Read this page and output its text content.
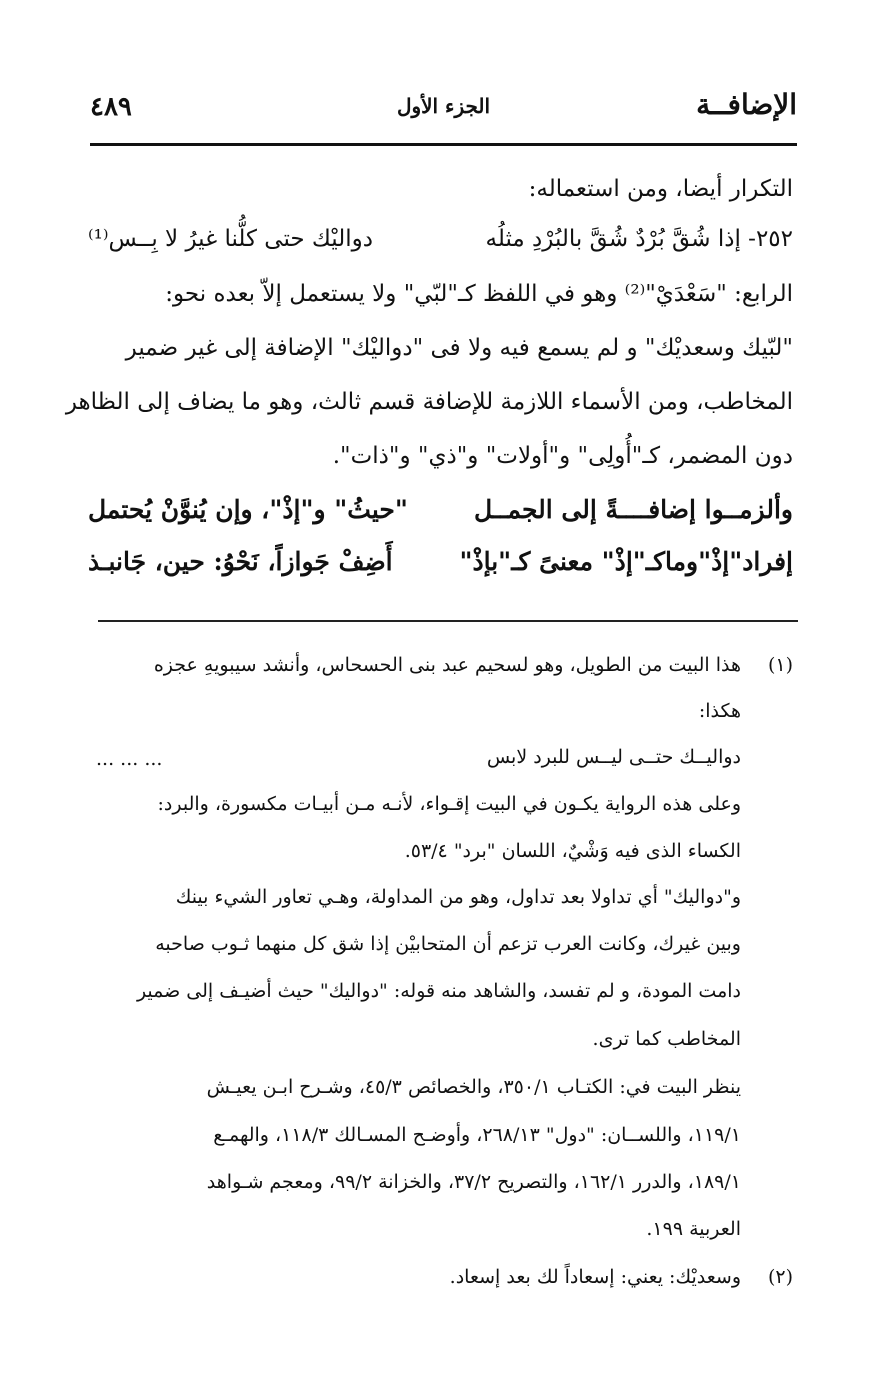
الإضافــة
الجزء الأول
٤٨٩
التكرار أيضا، ومن استعماله:
٢٥٢- إذا شُقَّ بُرْدٌ شُقَّ بالبُرْدِ مثلُه
دواليْك حتى كلُّنا غيرُ لا بِــس⁽¹⁾
الرابع: "سَعْدَيْ"⁽²⁾ وهو في اللفظ كـ"لبّي" ولا يستعمل إلاّ بعده نحو:
"لبّيك وسعديْك" و لم يسمع فيه ولا فى "دواليْك" الإضافة إلى غير ضمير
المخاطب، ومن الأسماء اللازمة للإضافة قسم ثالث، وهو ما يضاف إلى الظاهر
دون المضمر، كـ"أُولِى" و"أولات" و"ذي" و"ذات".
وألزمــوا إضافــــةً إلى الجمــل
"حيثُ" و"إذْ"، وإن يُنوَّنْ يُحتمل
إفراد"إذْ"وماكـ"إذْ" معنىً كـ"بإذْ"
أَضِفْ جَوازاً، نَحْوُ: حين، جَانبـذ
(١)
هذا البيت من الطويل، وهو لسحيم عبد بنى الحسحاس، وأنشد سيبويهِ عجزه
هكذا:
دواليــك حتــى ليــس للبرد لابس
... ... ...
وعلى هذه الرواية يكـون في البيت إقـواء، لأنـه مـن أبيـات مكسورة، والبرد:
الكساء الذى فيه وَشْيٌ، اللسان "برد" ٥٣/٤.
و"دواليك" أي تداولا بعد تداول، وهو من المداولة، وهـي تعاور الشيء بينك
وبين غيرك، وكانت العرب تزعم أن المتحابيْن إذا شق كل منهما ثـوب صاحبه
دامت المودة، و لم تفسد، والشاهد منه قوله: "دواليك" حيث أضيـف إلى ضمير
المخاطب كما ترى.
ينظر البيت في: الكتـاب ٣٥٠/١، والخصائص ٤٥/٣، وشـرح ابـن يعيـش
١١٩/١، واللســان: "دول" ٢٦٨/١٣، وأوضـح المسـالك ١١٨/٣، والهمـع
١٨٩/١، والدرر ١٦٢/١، والتصريح ٣٧/٢، والخزانة ٩٩/٢، ومعجم شـواهد
العربية ١٩٩.
(٢)
وسعديْك: يعني: إسعاداً لك بعد إسعاد.
